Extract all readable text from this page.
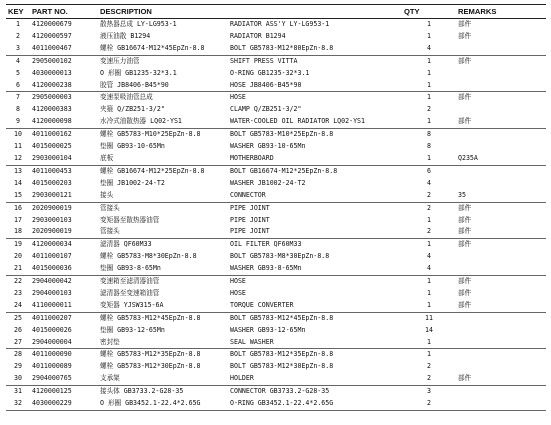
KEY	PART NO.	DESCRIPTION		QTY	REMARKS
1	4120000679	散热器总成 LY-LG953-1	RADIATOR ASS'Y LY-LG953-1	1	部件
2	4120000597	液压油散 B1294	RADIATOR B1294	1	部件
3	4011000467	螺栓 GB16674-M12*45EpZn-8.8	BOLT GB5783-M12*80EpZn-8.8	4	
4	2905000102	变速压力油管	SHIFT PRESS VITTA	1	部件
5	4030000013	O 形圈 GB1235-32*3.1	O-RING GB1235-32*3.1	1	
6	4120000238	胶管 JB8406-B45*90	HOSE JB8406-B45*90	1	
7	2905000003	变速泵吸油管总成	HOSE	1	部件
8	4120000383	夹箍 Q/ZB251-3/2"	CLAMP Q/ZB251-3/2"	2	
9	4120000098	水冷式油散热器 LQ02-YS1	WATER-COOLED OIL RADIATOR LQ02-YS1	1	部件
10	4011000162	螺栓 GB5783-M10*25EpZn-8.8	BOLT GB5783-M10*25EpZn-8.8	8	
11	4015000025	垫圈 GB93-10-65Mn	WASHER GB93-10-65Mn	8	
12	2903000104	底板	MOTHERBOARD	1	Q235A
13	4011000453	螺栓 GB16674-M12*25EpZn-8.8	BOLT GB16674-M12*25EpZn-8.8	6	
14	4015000203	垫圈 JB1002-24-T2	WASHER JB1002-24-T2	4	
15	2903000121	接头	CONNECTOR	2	35
16	2020900019	管接头	PIPE JOINT	2	部件
17	2903000103	变矩器至散热器油管	PIPE JOINT	1	部件
18	2020900019	管接头	PIPE JOINT	2	部件
19	4120000034	滤清器 QF60M33	OIL FILTER QF60M33	1	部件
20	4011000107	螺栓 GB5783-M8*30EpZn-8.8	BOLT GB5783-M8*30EpZn-8.8	4	
21	4015000036	垫圈 GB93-8-65Mn	WASHER GB93-8-65Mn	4	
22	2904000042	变速箱至滤清器油管	HOSE	1	部件
23	2904000103	滤清器至变速箱油管	HOSE	1	部件
24	4110000011	变矩器 YJSW315-6A	TORQUE CONVERTER	1	部件
25	4011000207	螺栓 GB5783-M12*45EpZn-8.8	BOLT GB5783-M12*45EpZn-8.8	11	
26	4015000026	垫圈 GB93-12-65Mn	WASHER GB93-12-65Mn	14	
27	2904000004	密封垫	SEAL WASHER	1	
28	4011000090	螺栓 GB5783-M12*35EpZn-8.8	BOLT GB5783-M12*35EpZn-8.8	1	
29	4011000089	螺栓 GB5783-M12*30EpZn-8.8	BOLT GB5783-M12*30EpZn-8.8	2	
30	2904000765	支承架	HOLDER	2	部件
31	4120000125	接头体 GB3733.2-G28-35	CONNECTOR GB3733.2-G28-35	3	
32	4030000229	O 形圈 GB3452.1-22.4*2.65G	O-RING GB3452.1-22.4*2.65G	2	
